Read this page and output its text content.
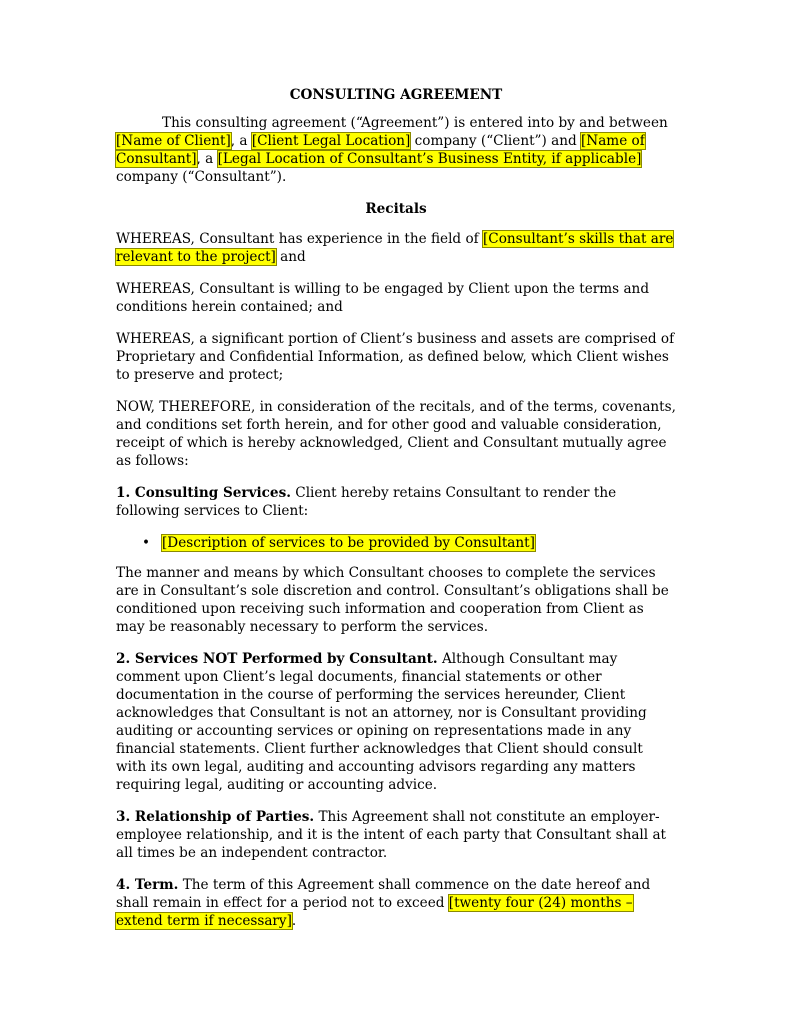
CONSULTING AGREEMENT

This consulting agreement (“Agreement”) is entered into by and between [Name of Client], a [Client Legal Location] company (“Client”) and [Name of Consultant], a [Legal Location of Consultant’s Business Entity, if applicable] company (“Consultant”).

Recitals

WHEREAS, Consultant has experience in the field of [Consultant’s skills that are relevant to the project] and

WHEREAS, Consultant is willing to be engaged by Client upon the terms and conditions herein contained; and

WHEREAS, a significant portion of Client’s business and assets are comprised of Proprietary and Confidential Information, as defined below, which Client wishes to preserve and protect;

NOW, THEREFORE, in consideration of the recitals, and of the terms, covenants, and conditions set forth herein, and for other good and valuable consideration, receipt of which is hereby acknowledged, Client and Consultant mutually agree as follows:

1. Consulting Services. Client hereby retains Consultant to render the following services to Client:

• [Description of services to be provided by Consultant]

The manner and means by which Consultant chooses to complete the services are in Consultant’s sole discretion and control. Consultant’s obligations shall be conditioned upon receiving such information and cooperation from Client as may be reasonably necessary to perform the services.

2. Services NOT Performed by Consultant. Although Consultant may comment upon Client’s legal documents, financial statements or other documentation in the course of performing the services hereunder, Client acknowledges that Consultant is not an attorney, nor is Consultant providing auditing or accounting services or opining on representations made in any financial statements. Client further acknowledges that Client should consult with its own legal, auditing and accounting advisors regarding any matters requiring legal, auditing or accounting advice.

3. Relationship of Parties. This Agreement shall not constitute an employer-employee relationship, and it is the intent of each party that Consultant shall at all times be an independent contractor.

4. Term. The term of this Agreement shall commence on the date hereof and shall remain in effect for a period not to exceed [twenty four (24) months – extend term if necessary].
